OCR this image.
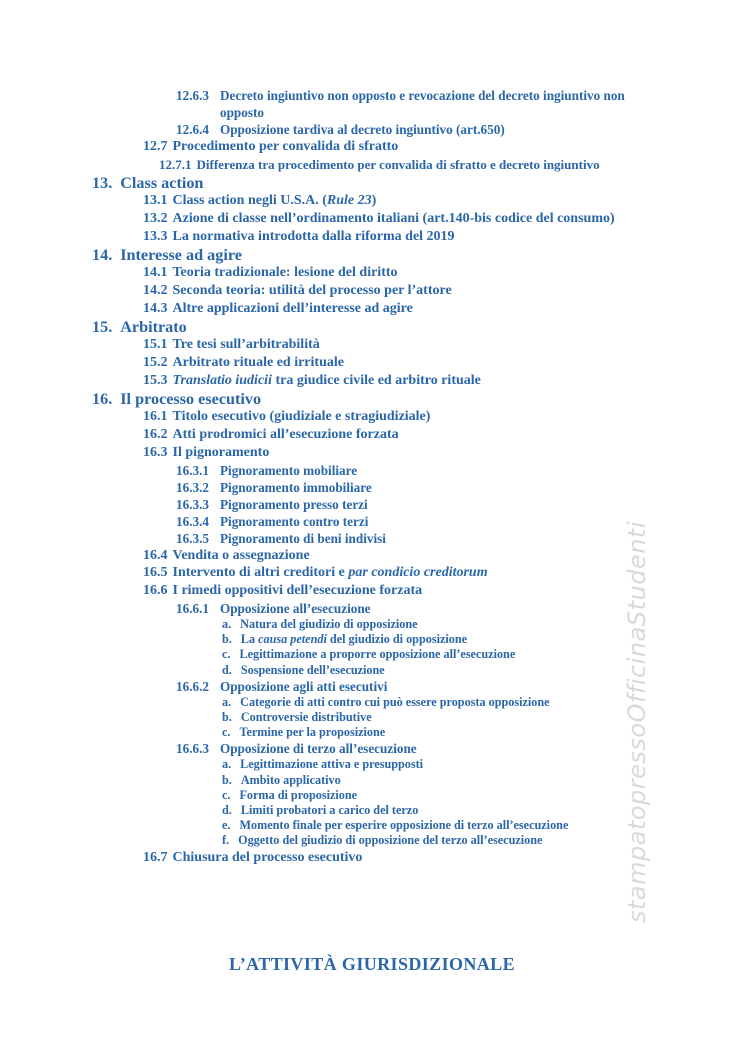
12.6.3 Decreto ingiuntivo non opposto e revocazione del decreto ingiuntivo non opposto
12.6.4 Opposizione tardiva al decreto ingiuntivo (art.650)
12.7 Procedimento per convalida di sfratto
12.7.1 Differenza tra procedimento per convalida di sfratto e decreto ingiuntivo
13. Class action
13.1 Class action negli U.S.A. (Rule 23)
13.2 Azione di classe nell’ordinamento italiani (art.140-bis codice del consumo)
13.3 La normativa introdotta dalla riforma del 2019
14. Interesse ad agire
14.1 Teoria tradizionale: lesione del diritto
14.2 Seconda teoria: utilità del processo per l’attore
14.3 Altre applicazioni dell’interesse ad agire
15. Arbitrato
15.1 Tre tesi sull’arbitrabilità
15.2 Arbitrato rituale ed irrituale
15.3 Translatio iudicii tra giudice civile ed arbitro rituale
16. Il processo esecutivo
16.1 Titolo esecutivo (giudiziale e stragiudiziale)
16.2 Atti prodromici all’esecuzione forzata
16.3 Il pignoramento
16.3.1 Pignoramento mobiliare
16.3.2 Pignoramento immobiliare
16.3.3 Pignoramento presso terzi
16.3.4 Pignoramento contro terzi
16.3.5 Pignoramento di beni indivisi
16.4 Vendita o assegnazione
16.5 Intervento di altri creditori e par condicio creditorum
16.6 I rimedi oppositivi dell’esecuzione forzata
16.6.1 Opposizione all’esecuzione
a. Natura del giudizio di opposizione
b. La causa petendi del giudizio di opposizione
c. Legittimazione a proporre opposizione all’esecuzione
d. Sospensione dell’esecuzione
16.6.2 Opposizione agli atti esecutivi
a. Categorie di atti contro cui può essere proposta opposizione
b. Controversie distributive
c. Termine per la proposizione
16.6.3 Opposizione di terzo all’esecuzione
a. Legittimazione attiva e presupposti
b. Ambito applicativo
c. Forma di proposizione
d. Limiti probatori a carico del terzo
e. Momento finale per esperire opposizione di terzo all’esecuzione
f. Oggetto del giudizio di opposizione del terzo all’esecuzione
16.7 Chiusura del processo esecutivo	stampatopressoOfficinaStudenti
L’ATTIVITÀ GIURISDIZIONALE
